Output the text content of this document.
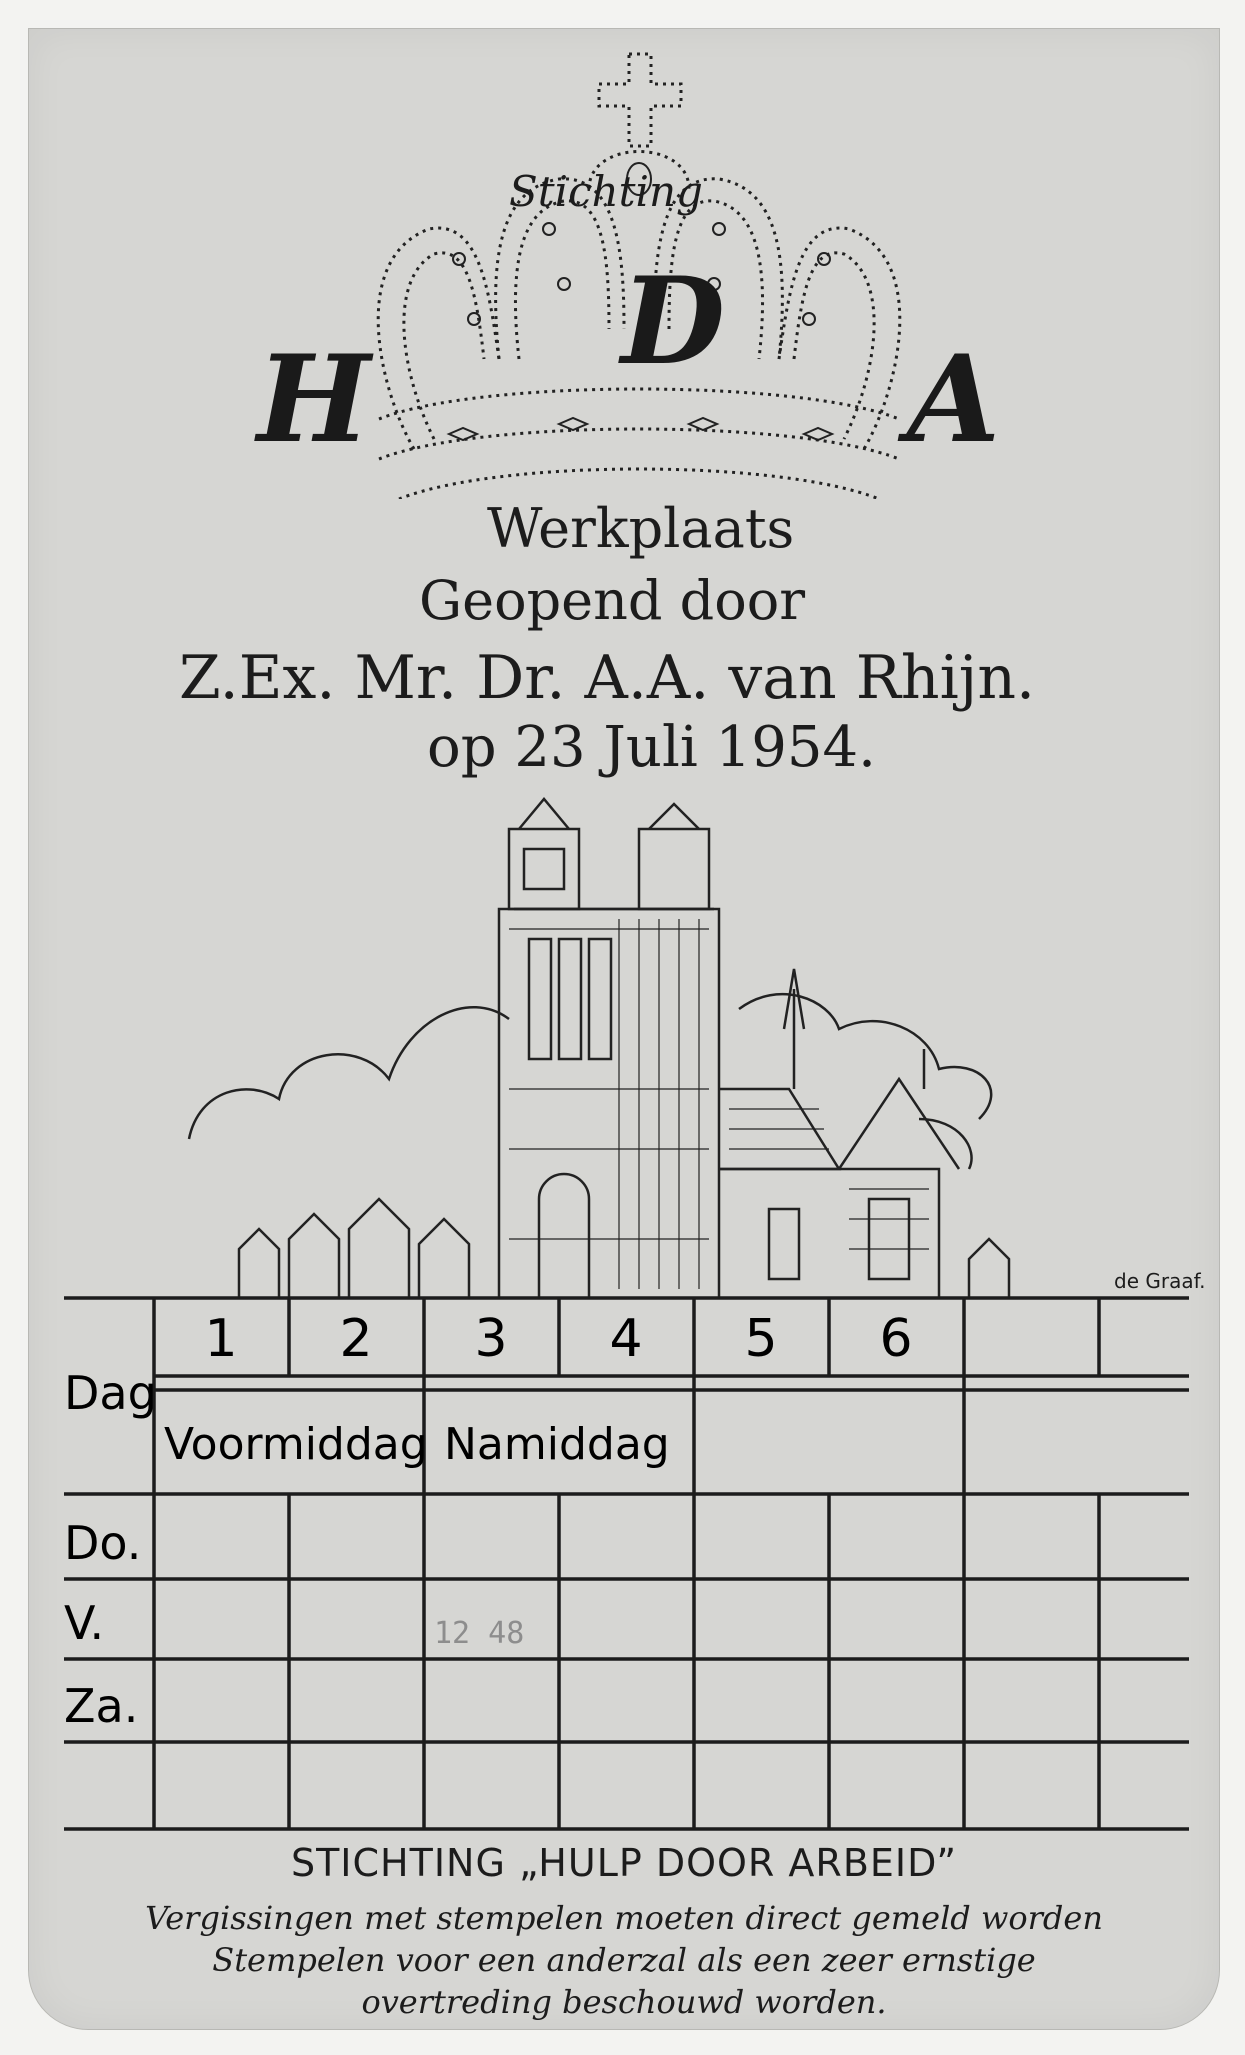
Stichting
H
D
A
Werkplaats
Geopend door
Z.Ex. Mr. Dr. A.A. van Rhijn.
op 23 Juli 1954.
de Graaf.
Dag
1 2 3 4 5 6
Voormiddag Namiddag
Do.
V.
Za.
12 48
STICHTING „HULP DOOR ARBEID”
Vergissingen met stempelen moeten direct gemeld worden
Stempelen voor een anderzal als een zeer ernstige
overtreding beschouwd worden.
